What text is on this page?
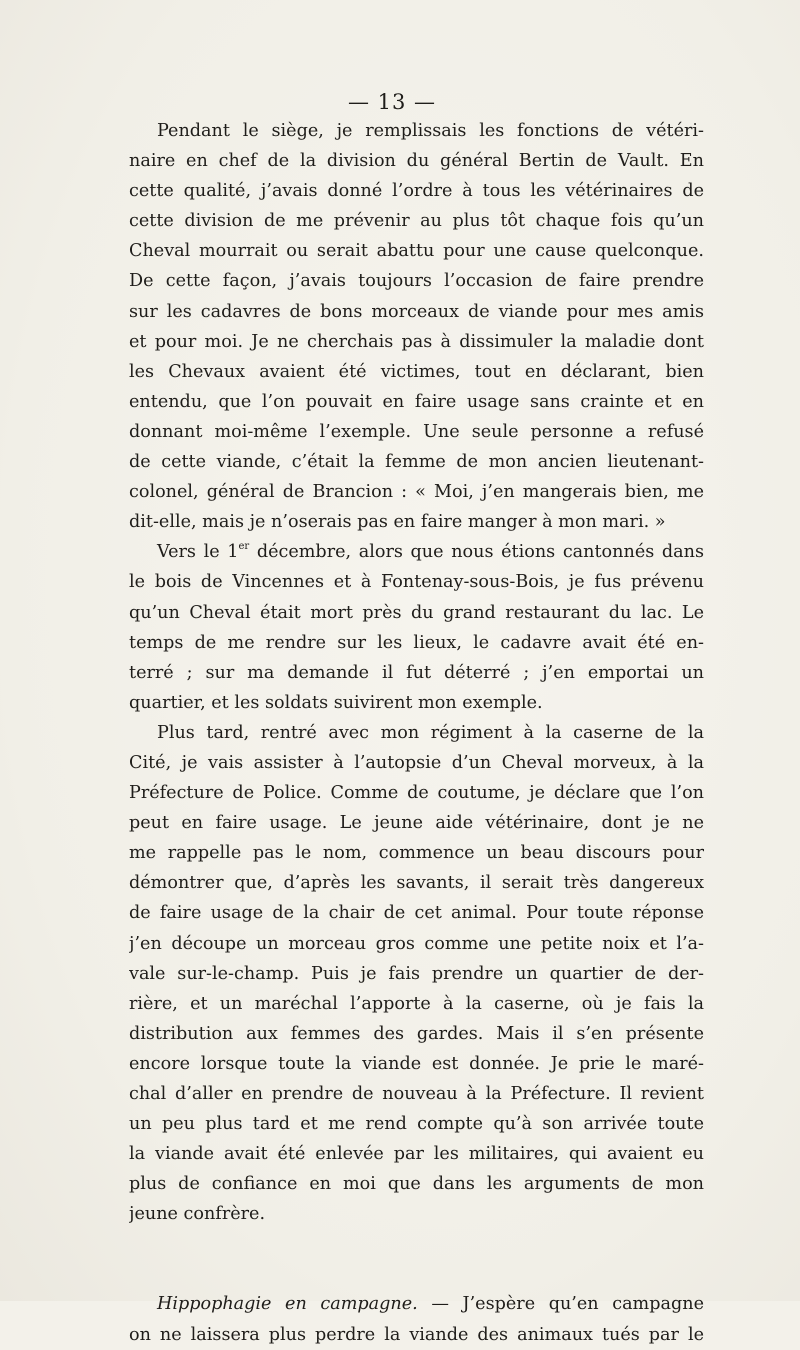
— 13 —
Pendant le siège, je remplissais les fonctions de vétéri-
naire en chef de la division du général Bertin de Vault. En
cette qualité, j’avais donné l’ordre à tous les vétérinaires de
cette division de me prévenir au plus tôt chaque fois qu’un
Cheval mourrait ou serait abattu pour une cause quelconque.
De cette façon, j’avais toujours l’occasion de faire prendre
sur les cadavres de bons morceaux de viande pour mes amis
et pour moi. Je ne cherchais pas à dissimuler la maladie dont
les Chevaux avaient été victimes, tout en déclarant, bien
entendu, que l’on pouvait en faire usage sans crainte et en
donnant moi-même l’exemple. Une seule personne a refusé
de cette viande, c’était la femme de mon ancien lieutenant-
colonel, général de Brancion : « Moi, j’en mangerais bien, me
dit-elle, mais je n’oserais pas en faire manger à mon mari. »
Vers le 1er décembre, alors que nous étions cantonnés dans
le bois de Vincennes et à Fontenay-sous-Bois, je fus prévenu
qu’un Cheval était mort près du grand restaurant du lac. Le
temps de me rendre sur les lieux, le cadavre avait été en-
terré ; sur ma demande il fut déterré ; j’en emportai un
quartier, et les soldats suivirent mon exemple.
Plus tard, rentré avec mon régiment à la caserne de la
Cité, je vais assister à l’autopsie d’un Cheval morveux, à la
Préfecture de Police. Comme de coutume, je déclare que l’on
peut en faire usage. Le jeune aide vétérinaire, dont je ne
me rappelle pas le nom, commence un beau discours pour
démontrer que, d’après les savants, il serait très dangereux
de faire usage de la chair de cet animal. Pour toute réponse
j’en découpe un morceau gros comme une petite noix et l’a-
vale sur-le-champ. Puis je fais prendre un quartier de der-
rière, et un maréchal l’apporte à la caserne, où je fais la
distribution aux femmes des gardes. Mais il s’en présente
encore lorsque toute la viande est donnée. Je prie le maré-
chal d’aller en prendre de nouveau à la Préfecture. Il revient
un peu plus tard et me rend compte qu’à son arrivée toute
la viande avait été enlevée par les militaires, qui avaient eu
plus de confiance en moi que dans les arguments de mon
jeune confrère.
Hippophagie en campagne. — J’espère qu’en campagne
on ne laissera plus perdre la viande des animaux tués par le
